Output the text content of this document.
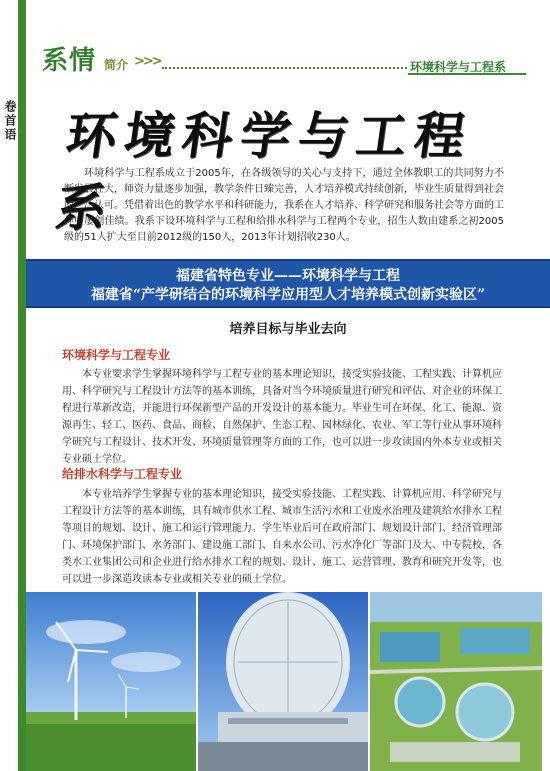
卷首语
系情 简介 >>>	环境科学与工程系
环境科学与工程系
环境科学与工程系成立于2005年，在各级领导的关心与支持下，通过全体教职工的共同努力不断发展壮大，师资力量逐步加强，教学条件日臻完善，人才培养模式持续创新，毕业生质量得到社会的广泛认可。凭借着出色的教学水平和科研能力，我系在人才培养、科学研究和服务社会等方面的工作中屡创佳绩。我系下设环境科学与工程和给排水科学与工程两个专业，招生人数由建系之初2005级的51人扩大至目前2012级的150人，2013年计划招收230人。
福建省特色专业——环境科学与工程
福建省“产学研结合的环境科学应用型人才培养模式创新实验区”
培养目标与毕业去向
环境科学与工程专业
本专业要求学生掌握环境科学与工程专业的基本理论知识，接受实验技能、工程实践、计算机应用、科学研究与工程设计方法等的基本训练，具备对当今环境质量进行研究和评估、对企业的环保工程进行革新改造，并能进行环保新型产品的开发设计的基本能力。毕业生可在环保、化工、能源、资源再生、轻工、医药、食品、商检、自然保护、生态工程、园林绿化、农业、军工等行业从事环境科学研究与工程设计、技术开发、环境质量管理等方面的工作，也可以进一步攻读国内外本专业或相关专业硕士学位。
给排水科学与工程专业
本专业培养学生掌握专业的基本理论知识，接受实验技能、工程实践、计算机应用、科学研究与工程设计方法等的基本训练，具有城市供水工程、城市生活污水和工业废水治理及建筑给水排水工程等项目的规划、设计、施工和运行管理能力。学生毕业后可在政府部门、规划设计部门、经济管理部门、环境保护部门、水务部门、建设施工部门、自来水公司、污水净化厂等部门及大、中专院校，各类水工业集团公司和企业进行给水排水工程的规划、设计、施工、运营管理、教育和研究开发等，也可以进一步深造攻读本专业或相关专业的硕士学位。
